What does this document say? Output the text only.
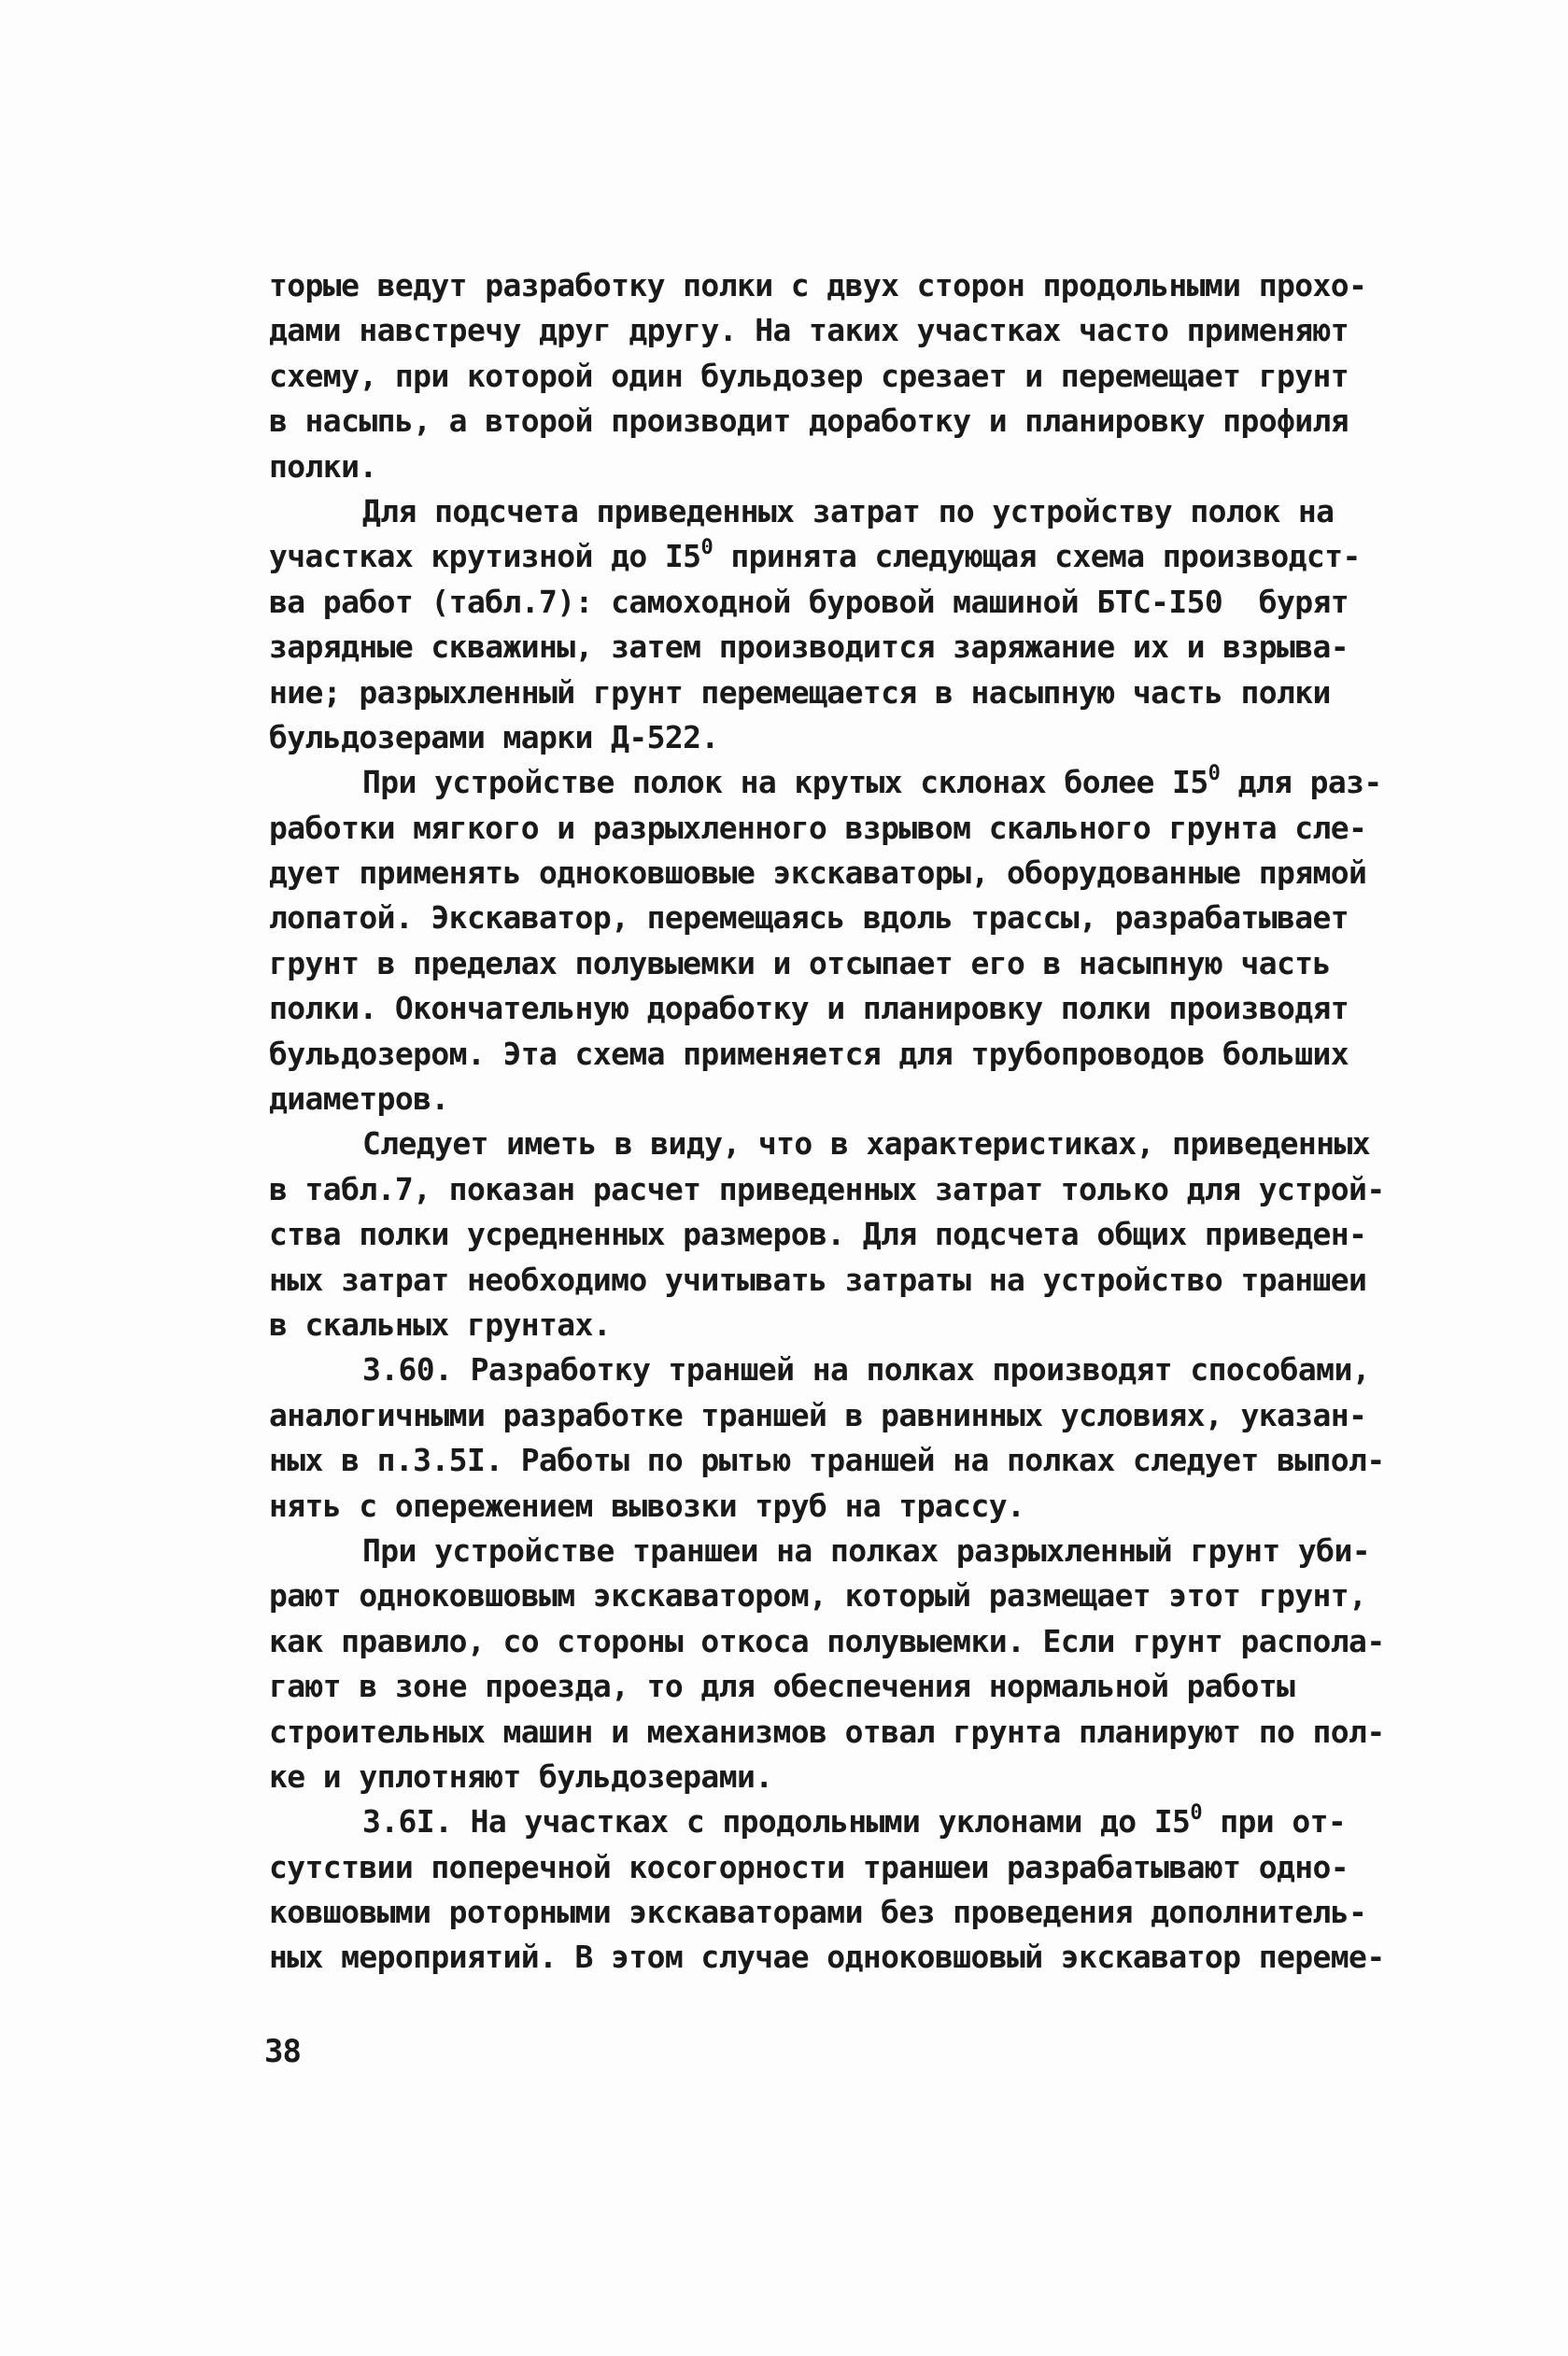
торые ведут разработку полки с двух сторон продольными прохо-
дами навстречу друг другу. На таких участках часто применяют
схему, при которой один бульдозер срезает и перемещает грунт
в насыпь, а второй производит доработку и планировку профиля
полки.
Для подсчета приведенных затрат по устройству полок на
участках крутизной до $I5^0$ принята следующая схема производст-
ва работ (табл.7): самоходной буровой машиной БТС-I50  бурят
зарядные скважины, затем производится заряжание их и взрыва-
ние; разрыхленный грунт перемещается в насыпную часть полки
бульдозерами марки Д-522.
При устройстве полок на крутых склонах более $I5^0$ для раз-
работки мягкого и разрыхленного взрывом скального грунта сле-
дует применять одноковшовые экскаваторы, оборудованные прямой
лопатой. Экскаватор, перемещаясь вдоль трассы, разрабатывает
грунт в пределах полувыемки и отсыпает его в насыпную часть
полки. Окончательную доработку и планировку полки производят
бульдозером. Эта схема применяется для трубопроводов больших
диаметров.
Следует иметь в виду, что в характеристиках, приведенных
в табл.7, показан расчет приведенных затрат только для устрой-
ства полки усредненных размеров. Для подсчета общих приведен-
ных затрат необходимо учитывать затраты на устройство траншеи
в скальных грунтах.
3.60. Разработку траншей на полках производят способами,
аналогичными разработке траншей в равнинных условиях, указан-
ных в п.3.5I. Работы по рытью траншей на полках следует выпол-
нять с опережением вывозки труб на трассу.
При устройстве траншеи на полках разрыхленный грунт уби-
рают одноковшовым экскаватором, который размещает этот грунт,
как правило, со стороны откоса полувыемки. Если грунт распола-
гают в зоне проезда, то для обеспечения нормальной работы
строительных машин и механизмов отвал грунта планируют по пол-
ке и уплотняют бульдозерами.
3.6I. На участках с продольными уклонами до $I5^0$ при от-
сутствии поперечной косогорности траншеи разрабатывают одно-
ковшовыми роторными экскаваторами без проведения дополнитель-
ных мероприятий. В этом случае одноковшовый экскаватор переме-
38
